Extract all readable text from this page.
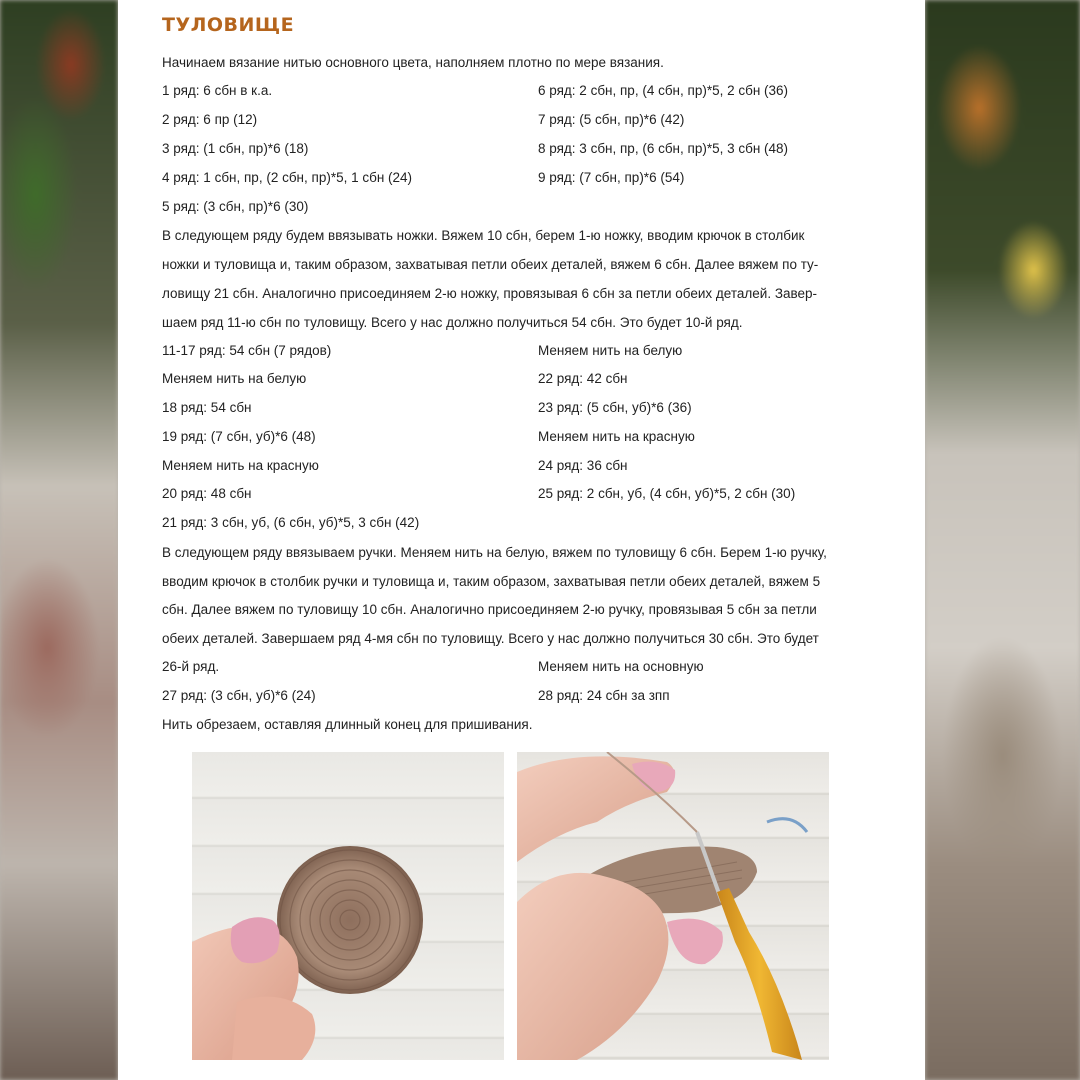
ТУЛОВИЩЕ
Начинаем вязание нитью основного цвета, наполняем плотно по мере вязания.
1 ряд: 6 сбн в к.а.
2 ряд: 6 пр (12)
3 ряд: (1 сбн, пр)*6 (18)
4 ряд: 1 сбн, пр, (2 сбн, пр)*5, 1 сбн (24)
5 ряд: (3 сбн, пр)*6 (30)
6 ряд: 2 сбн, пр, (4 сбн, пр)*5, 2 сбн (36)
7 ряд: (5 сбн, пр)*6 (42)
8 ряд: 3 сбн, пр, (6 сбн, пр)*5, 3 сбн (48)
9 ряд: (7 сбн, пр)*6 (54)
В следующем ряду будем ввязывать ножки. Вяжем 10 сбн, берем 1-ю ножку, вводим крючок в столбик
ножки и туловища и, таким образом, захватывая петли обеих деталей, вяжем 6 сбн. Далее вяжем по ту-
ловищу 21 сбн. Аналогично присоединяем 2-ю ножку, провязывая 6 сбн за петли обеих деталей. Завер-
шаем ряд 11-ю сбн по туловищу. Всего у нас должно получиться 54 сбн. Это будет 10-й ряд.
11-17 ряд: 54 сбн (7 рядов)
Меняем нить на белую
18 ряд: 54 сбн
19 ряд: (7 сбн, уб)*6 (48)
Меняем нить на красную
20 ряд: 48 сбн
21 ряд: 3 сбн, уб, (6 сбн, уб)*5, 3 сбн (42)
Меняем нить на белую
22 ряд: 42 сбн
23 ряд: (5 сбн, уб)*6 (36)
Меняем нить на красную
24 ряд: 36 сбн
25 ряд: 2 сбн, уб, (4 сбн, уб)*5, 2 сбн (30)
В следующем ряду ввязываем ручки. Меняем нить на белую, вяжем по туловищу 6 сбн. Берем 1-ю ручку,
вводим крючок в столбик ручки и туловища и, таким образом, захватывая петли обеих деталей, вяжем 5
сбн. Далее вяжем по туловищу 10 сбн. Аналогично присоединяем 2-ю ручку, провязывая 5 сбн за петли
обеих деталей. Завершаем ряд 4-мя сбн по туловищу. Всего у нас должно получиться 30 сбн. Это будет
26-й ряд.	Меняем нить на основную
27 ряд: (3 сбн, уб)*6 (24)	28 ряд: 24 сбн за зпп
Нить обрезаем, оставляя длинный конец для пришивания.
